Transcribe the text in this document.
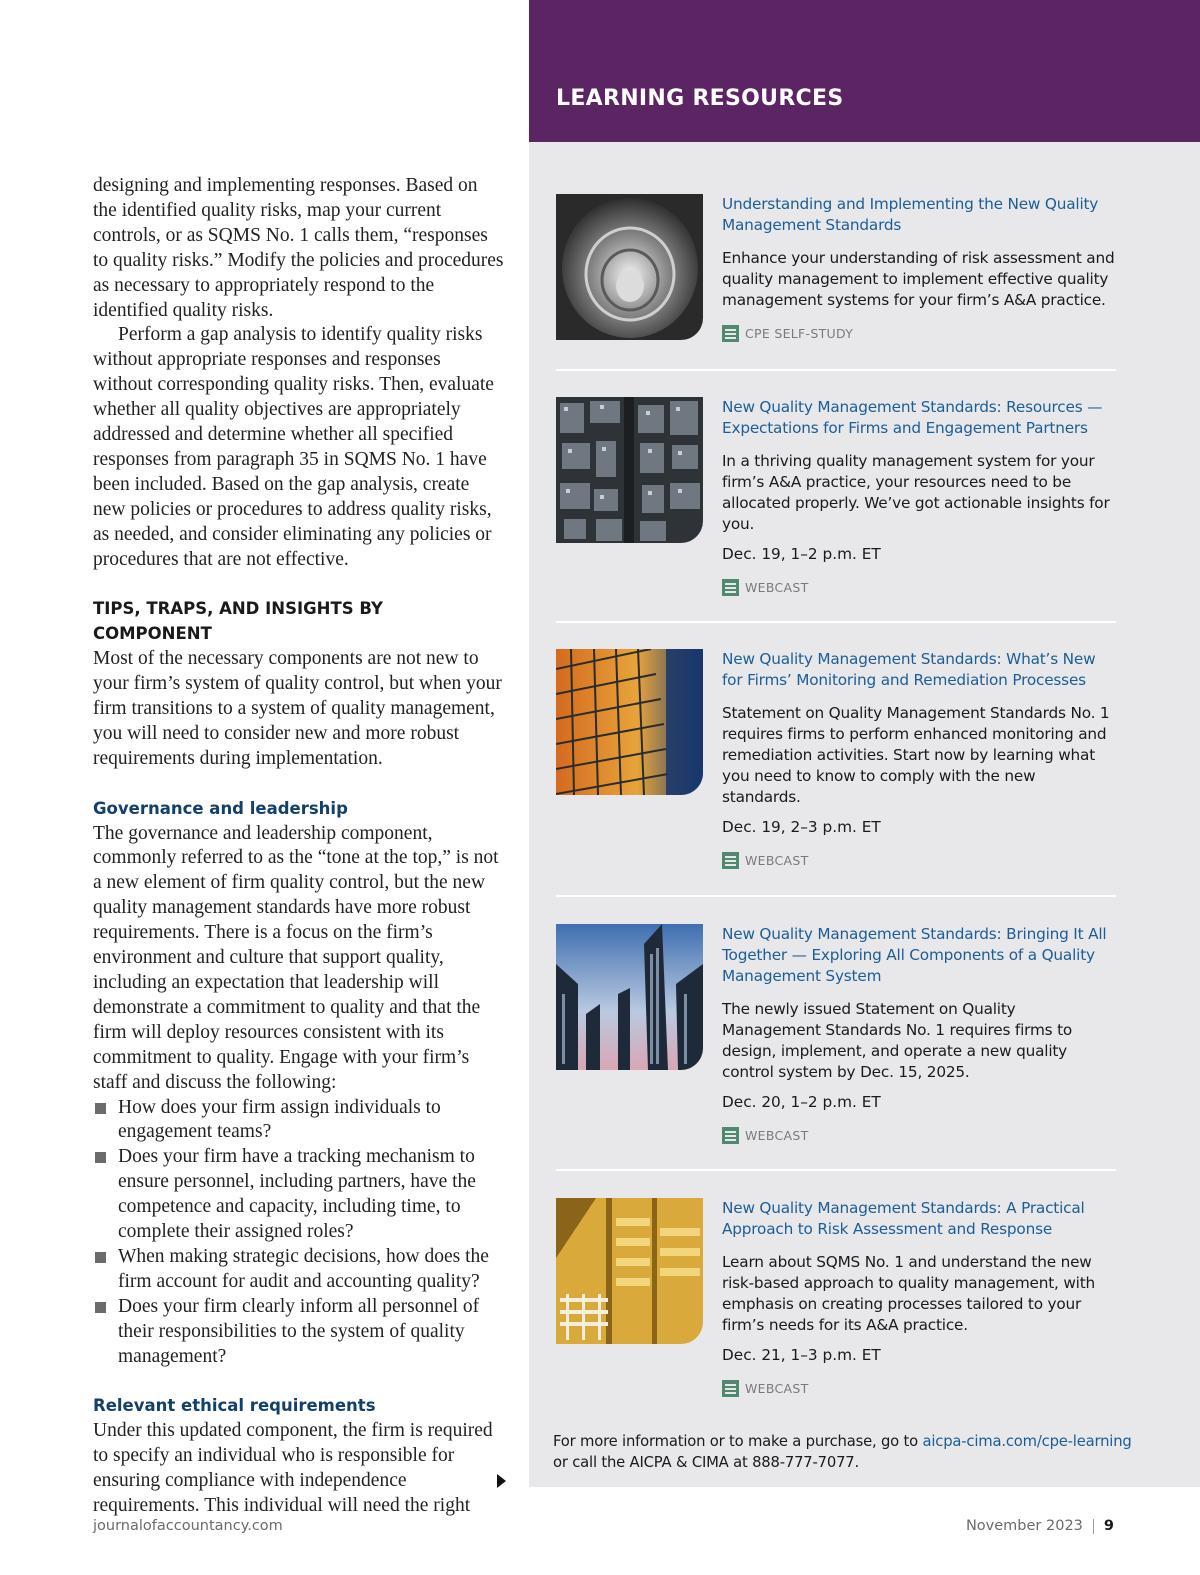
designing and implementing responses. Based on the identified quality risks, map your current controls, or as SQMS No. 1 calls them, “responses to quality risks.” Modify the policies and procedures as necessary to appropriately respond to the identified quality risks.

Perform a gap analysis to identify quality risks without appropriate responses and responses without corresponding quality risks. Then, evaluate whether all quality objectives are appropriately addressed and determine whether all specified responses from paragraph 35 in SQMS No. 1 have been included. Based on the gap analysis, create new policies or procedures to address quality risks, as needed, and consider eliminating any policies or procedures that are not effective.

TIPS, TRAPS, AND INSIGHTS BY COMPONENT

Most of the necessary components are not new to your firm’s system of quality control, but when your firm transitions to a system of quality management, you will need to consider new and more robust requirements during implementation.

Governance and leadership

The governance and leadership component, commonly referred to as the “tone at the top,” is not a new element of firm quality control, but the new quality management standards have more robust requirements. There is a focus on the firm’s environment and culture that support quality, including an expectation that leadership will demonstrate a commitment to quality and that the firm will deploy resources consistent with its commitment to quality. Engage with your firm’s staff and discuss the following:

How does your firm assign individuals to engagement teams?
Does your firm have a tracking mechanism to ensure personnel, including partners, have the competence and capacity, including time, to complete their assigned roles?
When making strategic decisions, how does the firm account for audit and accounting quality?
Does your firm clearly inform all personnel of their responsibilities to the system of quality management?
Relevant ethical requirements

Under this updated component, the firm is required to specify an individual who is responsible for ensuring compliance with independence requirements. This individual will need the right

LEARNING RESOURCES
Understanding and Implementing the New Quality Management Standards
Enhance your understanding of risk assessment and quality management to implement effective quality management systems for your firm’s A&A practice.
CPE SELF-STUDY
New Quality Management Standards: Resources — Expectations for Firms and Engagement Partners
In a thriving quality management system for your firm’s A&A practice, your resources need to be allocated properly. We’ve got actionable insights for you.
Dec. 19, 1–2 p.m. ET
WEBCAST
New Quality Management Standards: What’s New for Firms’ Monitoring and Remediation Processes
Statement on Quality Management Standards No. 1 requires firms to perform enhanced monitoring and remediation activities. Start now by learning what you need to know to comply with the new standards.
Dec. 19, 2–3 p.m. ET
WEBCAST
New Quality Management Standards: Bringing It All Together — Exploring All Components of a Quality Management System
The newly issued Statement on Quality Management Standards No. 1 requires firms to design, implement, and operate a new quality control system by Dec. 15, 2025.
Dec. 20, 1–2 p.m. ET
WEBCAST
New Quality Management Standards: A Practical Approach to Risk Assessment and Response
Learn about SQMS No. 1 and understand the new risk-based approach to quality management, with emphasis on creating processes tailored to your firm’s needs for its A&A practice.
Dec. 21, 1–3 p.m. ET
WEBCAST
For more information or to make a purchase, go to aicpa-cima.com/cpe-learning
or call the AICPA & CIMA at 888-777-7077.
journalofaccountancy.com	November 2023 9
